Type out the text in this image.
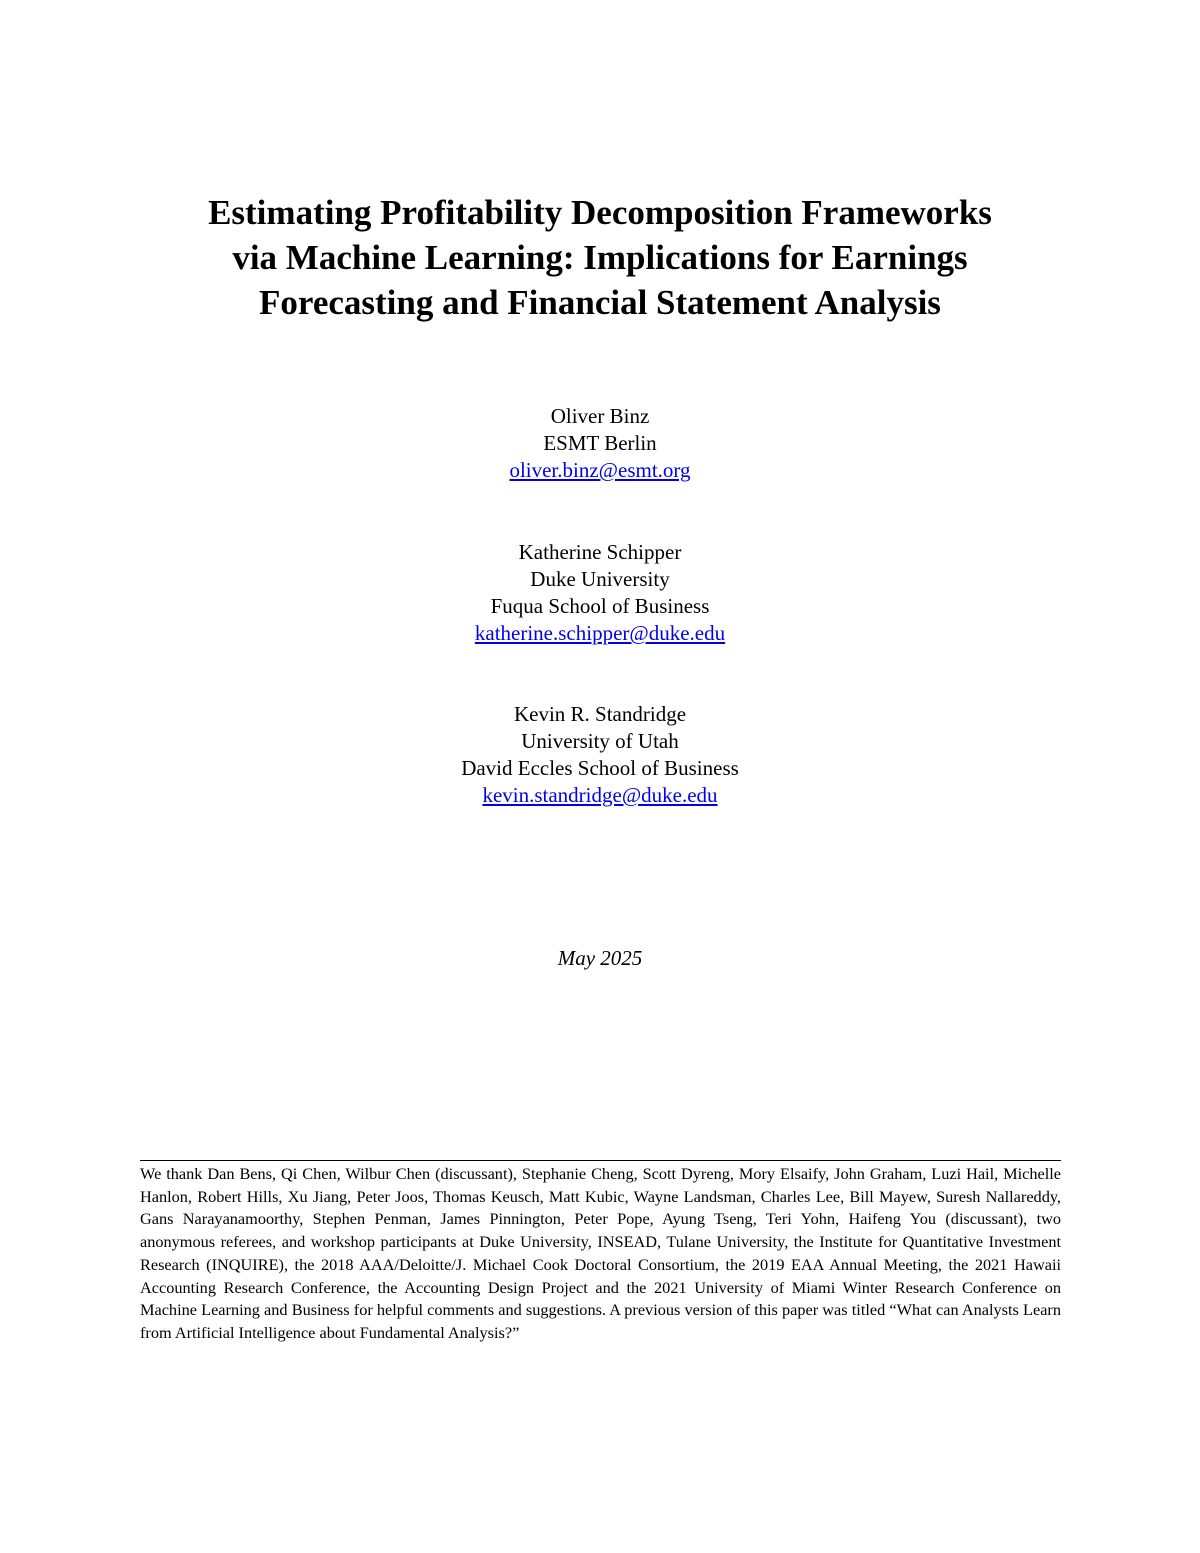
Estimating Profitability Decomposition Frameworks
via Machine Learning: Implications for Earnings
Forecasting and Financial Statement Analysis
Oliver Binz
ESMT Berlin
oliver.binz@esmt.org
Katherine Schipper
Duke University
Fuqua School of Business
katherine.schipper@duke.edu
Kevin R. Standridge
University of Utah
David Eccles School of Business
kevin.standridge@duke.edu
May 2025

We thank Dan Bens, Qi Chen, Wilbur Chen (discussant), Stephanie Cheng, Scott Dyreng, Mory Elsaify, John Graham, Luzi Hail, Michelle Hanlon, Robert Hills, Xu Jiang, Peter Joos, Thomas Keusch, Matt Kubic, Wayne Landsman, Charles Lee, Bill Mayew, Suresh Nallareddy, Gans Narayanamoorthy, Stephen Penman, James Pinnington, Peter Pope, Ayung Tseng, Teri Yohn, Haifeng You (discussant), two anonymous referees, and workshop participants at Duke University, INSEAD, Tulane University, the Institute for Quantitative Investment Research (INQUIRE), the 2018 AAA/Deloitte/J. Michael Cook Doctoral Consortium, the 2019 EAA Annual Meeting, the 2021 Hawaii Accounting Research Conference, the Accounting Design Project and the 2021 University of Miami Winter Research Conference on Machine Learning and Business for helpful comments and suggestions. A previous version of this paper was titled “What can Analysts Learn from Artificial Intelligence about Fundamental Analysis?”
